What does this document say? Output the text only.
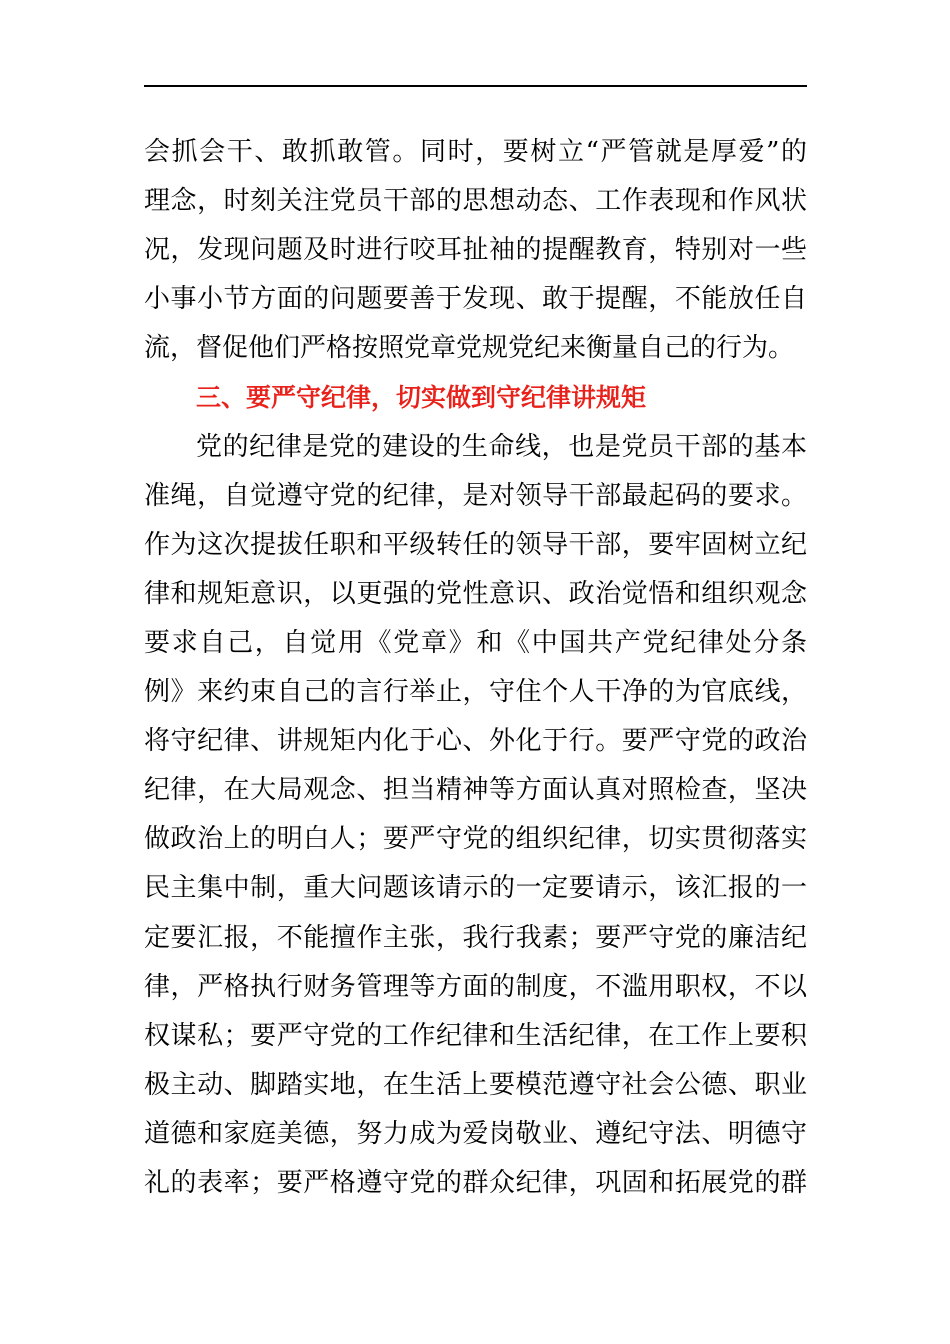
会抓会干、敢抓敢管。同时，要树立“严管就是厚爱”的
理念，时刻关注党员干部的思想动态、工作表现和作风状
况，发现问题及时进行咬耳扯袖的提醒教育，特别对一些
小事小节方面的问题要善于发现、敢于提醒，不能放任自
流，督促他们严格按照党章党规党纪来衡量自己的行为。
三、要严守纪律，切实做到守纪律讲规矩
党的纪律是党的建设的生命线，也是党员干部的基本
准绳，自觉遵守党的纪律，是对领导干部最起码的要求。
作为这次提拔任职和平级转任的领导干部，要牢固树立纪
律和规矩意识，以更强的党性意识、政治觉悟和组织观念
要求自己，自觉用《党章》和《中国共产党纪律处分条
例》来约束自己的言行举止，守住个人干净的为官底线，
将守纪律、讲规矩内化于心、外化于行。要严守党的政治
纪律，在大局观念、担当精神等方面认真对照检查，坚决
做政治上的明白人；要严守党的组织纪律，切实贯彻落实
民主集中制，重大问题该请示的一定要请示，该汇报的一
定要汇报，不能擅作主张，我行我素；要严守党的廉洁纪
律，严格执行财务管理等方面的制度，不滥用职权，不以
权谋私；要严守党的工作纪律和生活纪律，在工作上要积
极主动、脚踏实地，在生活上要模范遵守社会公德、职业
道德和家庭美德，努力成为爱岗敬业、遵纪守法、明德守
礼的表率；要严格遵守党的群众纪律，巩固和拓展党的群
